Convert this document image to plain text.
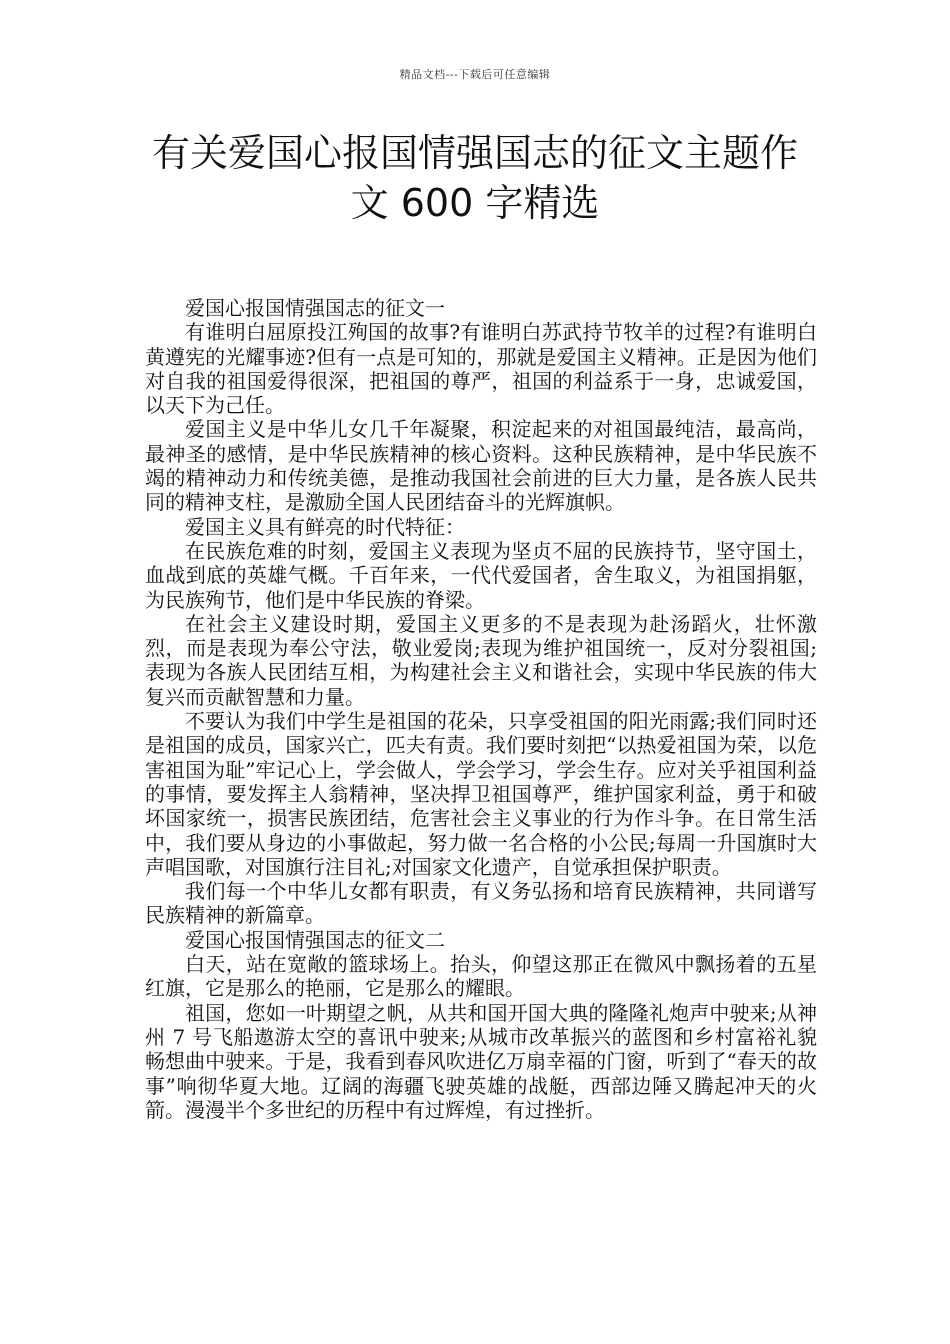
精品文档---下载后可任意编辑
有关爱国心报国情强国志的征文主题作
文 600 字精选

爱国心报国情强国志的征文一

有谁明白屈原投江殉国的故事?有谁明白苏武持节牧羊的过程?有谁明白黄遵宪的光耀事迹?但有一点是可知的，那就是爱国主义精神。正是因为他们对自我的祖国爱得很深，把祖国的尊严，祖国的利益系于一身，忠诚爱国，以天下为己任。

爱国主义是中华儿女几千年凝聚，积淀起来的对祖国最纯洁，最高尚，最神圣的感情，是中华民族精神的核心资料。这种民族精神，是中华民族不竭的精神动力和传统美德，是推动我国社会前进的巨大力量，是各族人民共同的精神支柱，是激励全国人民团结奋斗的光辉旗帜。

爱国主义具有鲜亮的时代特征：

在民族危难的时刻，爱国主义表现为坚贞不屈的民族持节，坚守国土，血战到底的英雄气概。千百年来，一代代爱国者，舍生取义，为祖国捐躯，为民族殉节，他们是中华民族的脊梁。

在社会主义建设时期，爱国主义更多的不是表现为赴汤蹈火，壮怀激烈，而是表现为奉公守法，敬业爱岗;表现为维护祖国统一，反对分裂祖国;表现为各族人民团结互相，为构建社会主义和谐社会，实现中华民族的伟大复兴而贡献智慧和力量。

不要认为我们中学生是祖国的花朵，只享受祖国的阳光雨露;我们同时还是祖国的成员，国家兴亡，匹夫有责。我们要时刻把“以热爱祖国为荣，以危害祖国为耻”牢记心上，学会做人，学会学习，学会生存。应对关乎祖国利益的事情，要发挥主人翁精神，坚决捍卫祖国尊严，维护国家利益，勇于和破坏国家统一，损害民族团结，危害社会主义事业的行为作斗争。在日常生活中，我们要从身边的小事做起，努力做一名合格的小公民;每周一升国旗时大声唱国歌，对国旗行注目礼;对国家文化遗产，自觉承担保护职责。

我们每一个中华儿女都有职责，有义务弘扬和培育民族精神，共同谱写民族精神的新篇章。

爱国心报国情强国志的征文二

白天，站在宽敞的篮球场上。抬头，仰望这那正在微风中飘扬着的五星红旗，它是那么的艳丽，它是那么的耀眼。

祖国，您如一叶期望之帆，从共和国开国大典的隆隆礼炮声中驶来;从神州 7 号飞船遨游太空的喜讯中驶来;从城市改革振兴的蓝图和乡村富裕礼貌畅想曲中驶来。于是，我看到春风吹进亿万扇幸福的门窗，听到了“春天的故事”响彻华夏大地。辽阔的海疆飞驶英雄的战艇，西部边陲又腾起冲天的火箭。漫漫半个多世纪的历程中有过辉煌，有过挫折。
